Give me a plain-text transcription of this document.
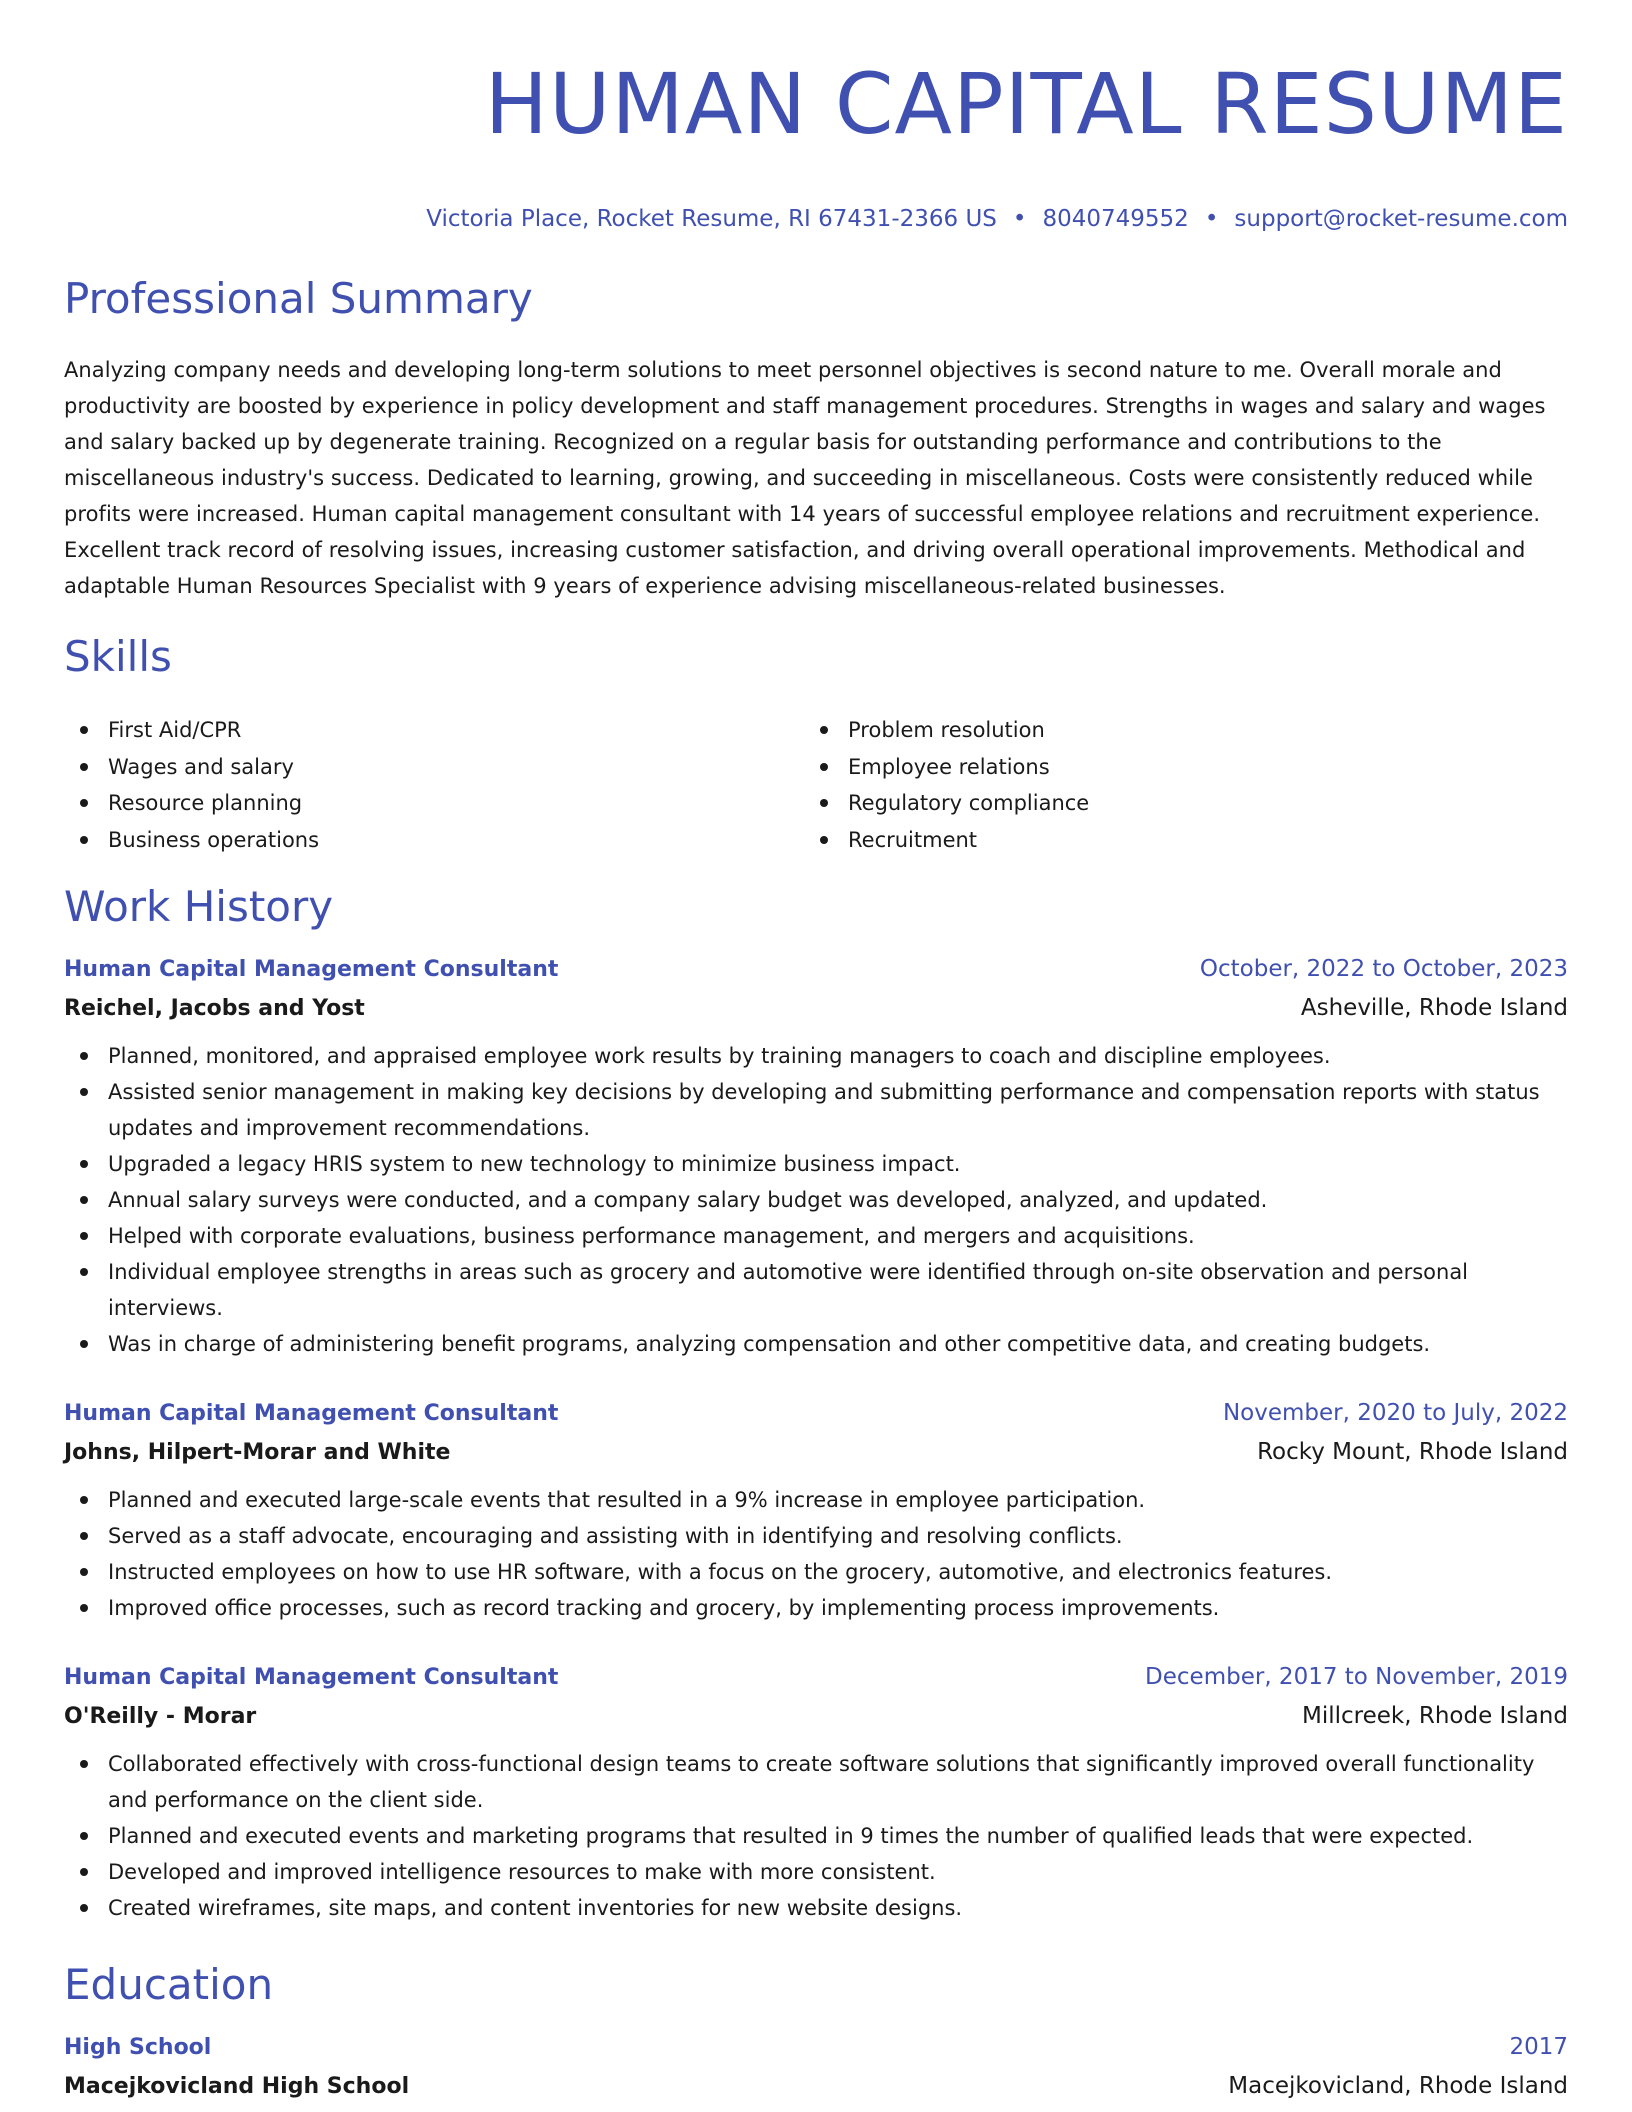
HUMAN CAPITAL RESUME
Victoria Place, Rocket Resume, RI 67431-2366 US • 8040749552 • support@rocket-resume.com
Professional Summary

Analyzing company needs and developing long-term solutions to meet personnel objectives is second nature to me. Overall morale and productivity are boosted by experience in policy development and staff management procedures. Strengths in wages and salary and wages and salary backed up by degenerate training. Recognized on a regular basis for outstanding performance and contributions to the miscellaneous industry's success. Dedicated to learning, growing, and succeeding in miscellaneous. Costs were consistently reduced while profits were increased. Human capital management consultant with 14 years of successful employee relations and recruitment experience. Excellent track record of resolving issues, increasing customer satisfaction, and driving overall operational improvements. Methodical and adaptable Human Resources Specialist with 9 years of experience advising miscellaneous-related businesses.

Skills
First Aid/CPR
Wages and salary
Resource planning
Business operations
Problem resolution
Employee relations
Regulatory compliance
Recruitment
Work History
Human Capital Management Consultant	October, 2022 to October, 2023
Reichel, Jacobs and Yost	Asheville, Rhode Island
Planned, monitored, and appraised employee work results by training managers to coach and discipline employees.
Assisted senior management in making key decisions by developing and submitting performance and compensation reports with status updates and improvement recommendations.
Upgraded a legacy HRIS system to new technology to minimize business impact.
Annual salary surveys were conducted, and a company salary budget was developed, analyzed, and updated.
Helped with corporate evaluations, business performance management, and mergers and acquisitions.
Individual employee strengths in areas such as grocery and automotive were identified through on-site observation and personal interviews.
Was in charge of administering benefit programs, analyzing compensation and other competitive data, and creating budgets.
Human Capital Management Consultant	November, 2020 to July, 2022
Johns, Hilpert-Morar and White	Rocky Mount, Rhode Island
Planned and executed large-scale events that resulted in a 9% increase in employee participation.
Served as a staff advocate, encouraging and assisting with in identifying and resolving conflicts.
Instructed employees on how to use HR software, with a focus on the grocery, automotive, and electronics features.
Improved office processes, such as record tracking and grocery, by implementing process improvements.
Human Capital Management Consultant	December, 2017 to November, 2019
O'Reilly - Morar	Millcreek, Rhode Island
Collaborated effectively with cross-functional design teams to create software solutions that significantly improved overall functionality and performance on the client side.
Planned and executed events and marketing programs that resulted in 9 times the number of qualified leads that were expected.
Developed and improved intelligence resources to make with more consistent.
Created wireframes, site maps, and content inventories for new website designs.
Education
High School	2017
Macejkovicland High School	Macejkovicland, Rhode Island
